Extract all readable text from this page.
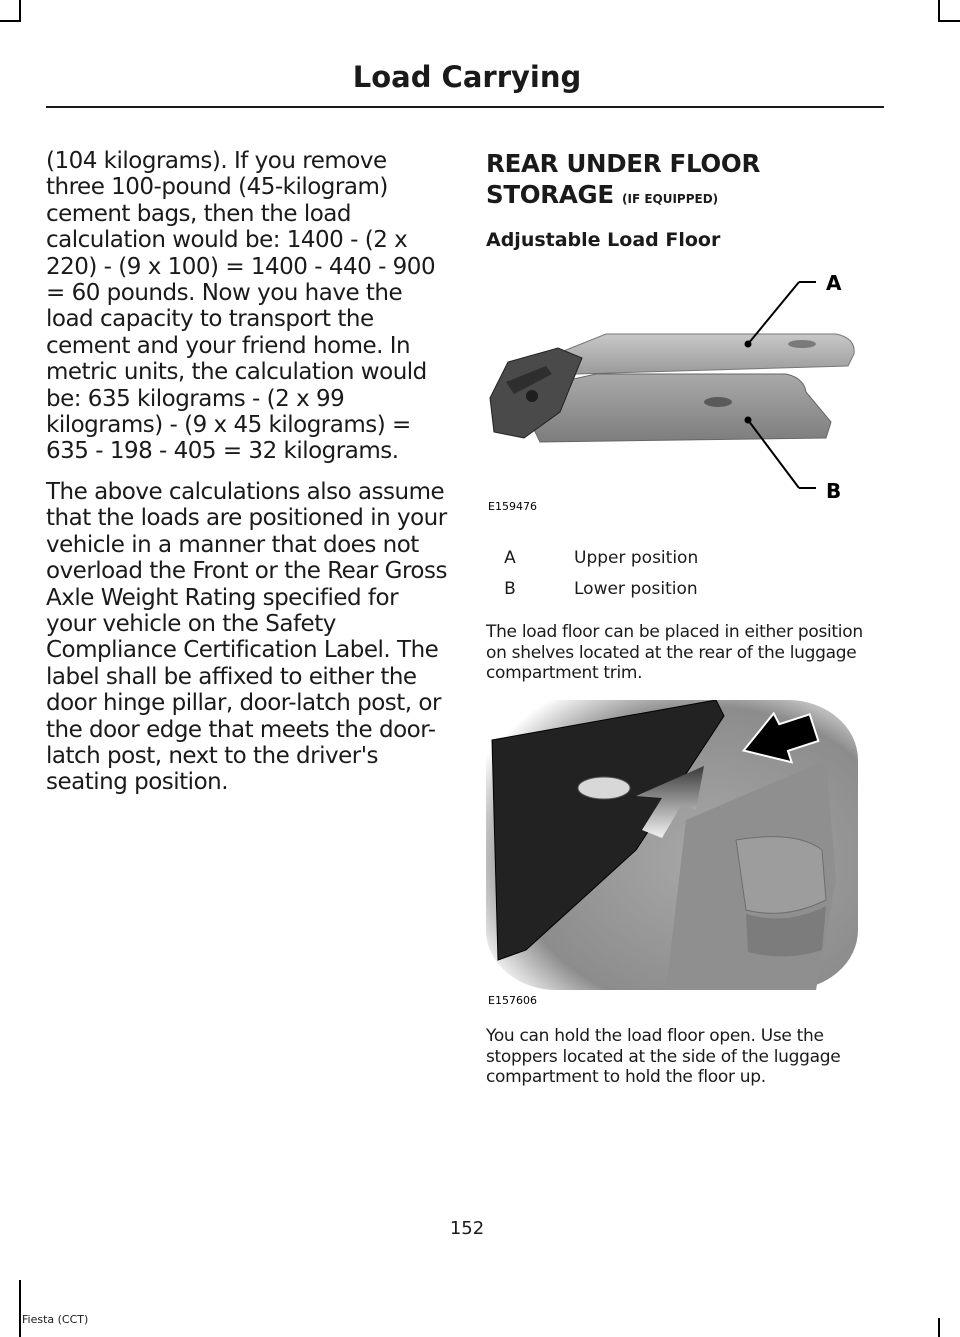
Load Carrying

(104 kilograms). If you remove three 100-pound (45-kilogram) cement bags, then the load calculation would be: 1400 - (2 x 220) - (9 x 100) = 1400 - 440 - 900 = 60 pounds. Now you have the load capacity to transport the cement and your friend home. In metric units, the calculation would be: 635 kilograms - (2 x 99 kilograms) - (9 x 45 kilograms) = 635 - 198 - 405 = 32 kilograms.

The above calculations also assume that the loads are positioned in your vehicle in a manner that does not overload the Front or the Rear Gross Axle Weight Rating specified for your vehicle on the Safety Compliance Certification Label. The label shall be affixed to either the door hinge pillar, door-latch post, or the door edge that meets the door-latch post, next to the driver's seating position.

REAR UNDER FLOOR
STORAGE (IF EQUIPPED)
Adjustable Load Floor
A
B
E159476
A	Upper position
B	Lower position
The load floor can be placed in either position on shelves located at the rear of the luggage compartment trim.
E157606
You can hold the load floor open. Use the stoppers located at the side of the luggage compartment to hold the floor up.
152
Fiesta (CCT)
